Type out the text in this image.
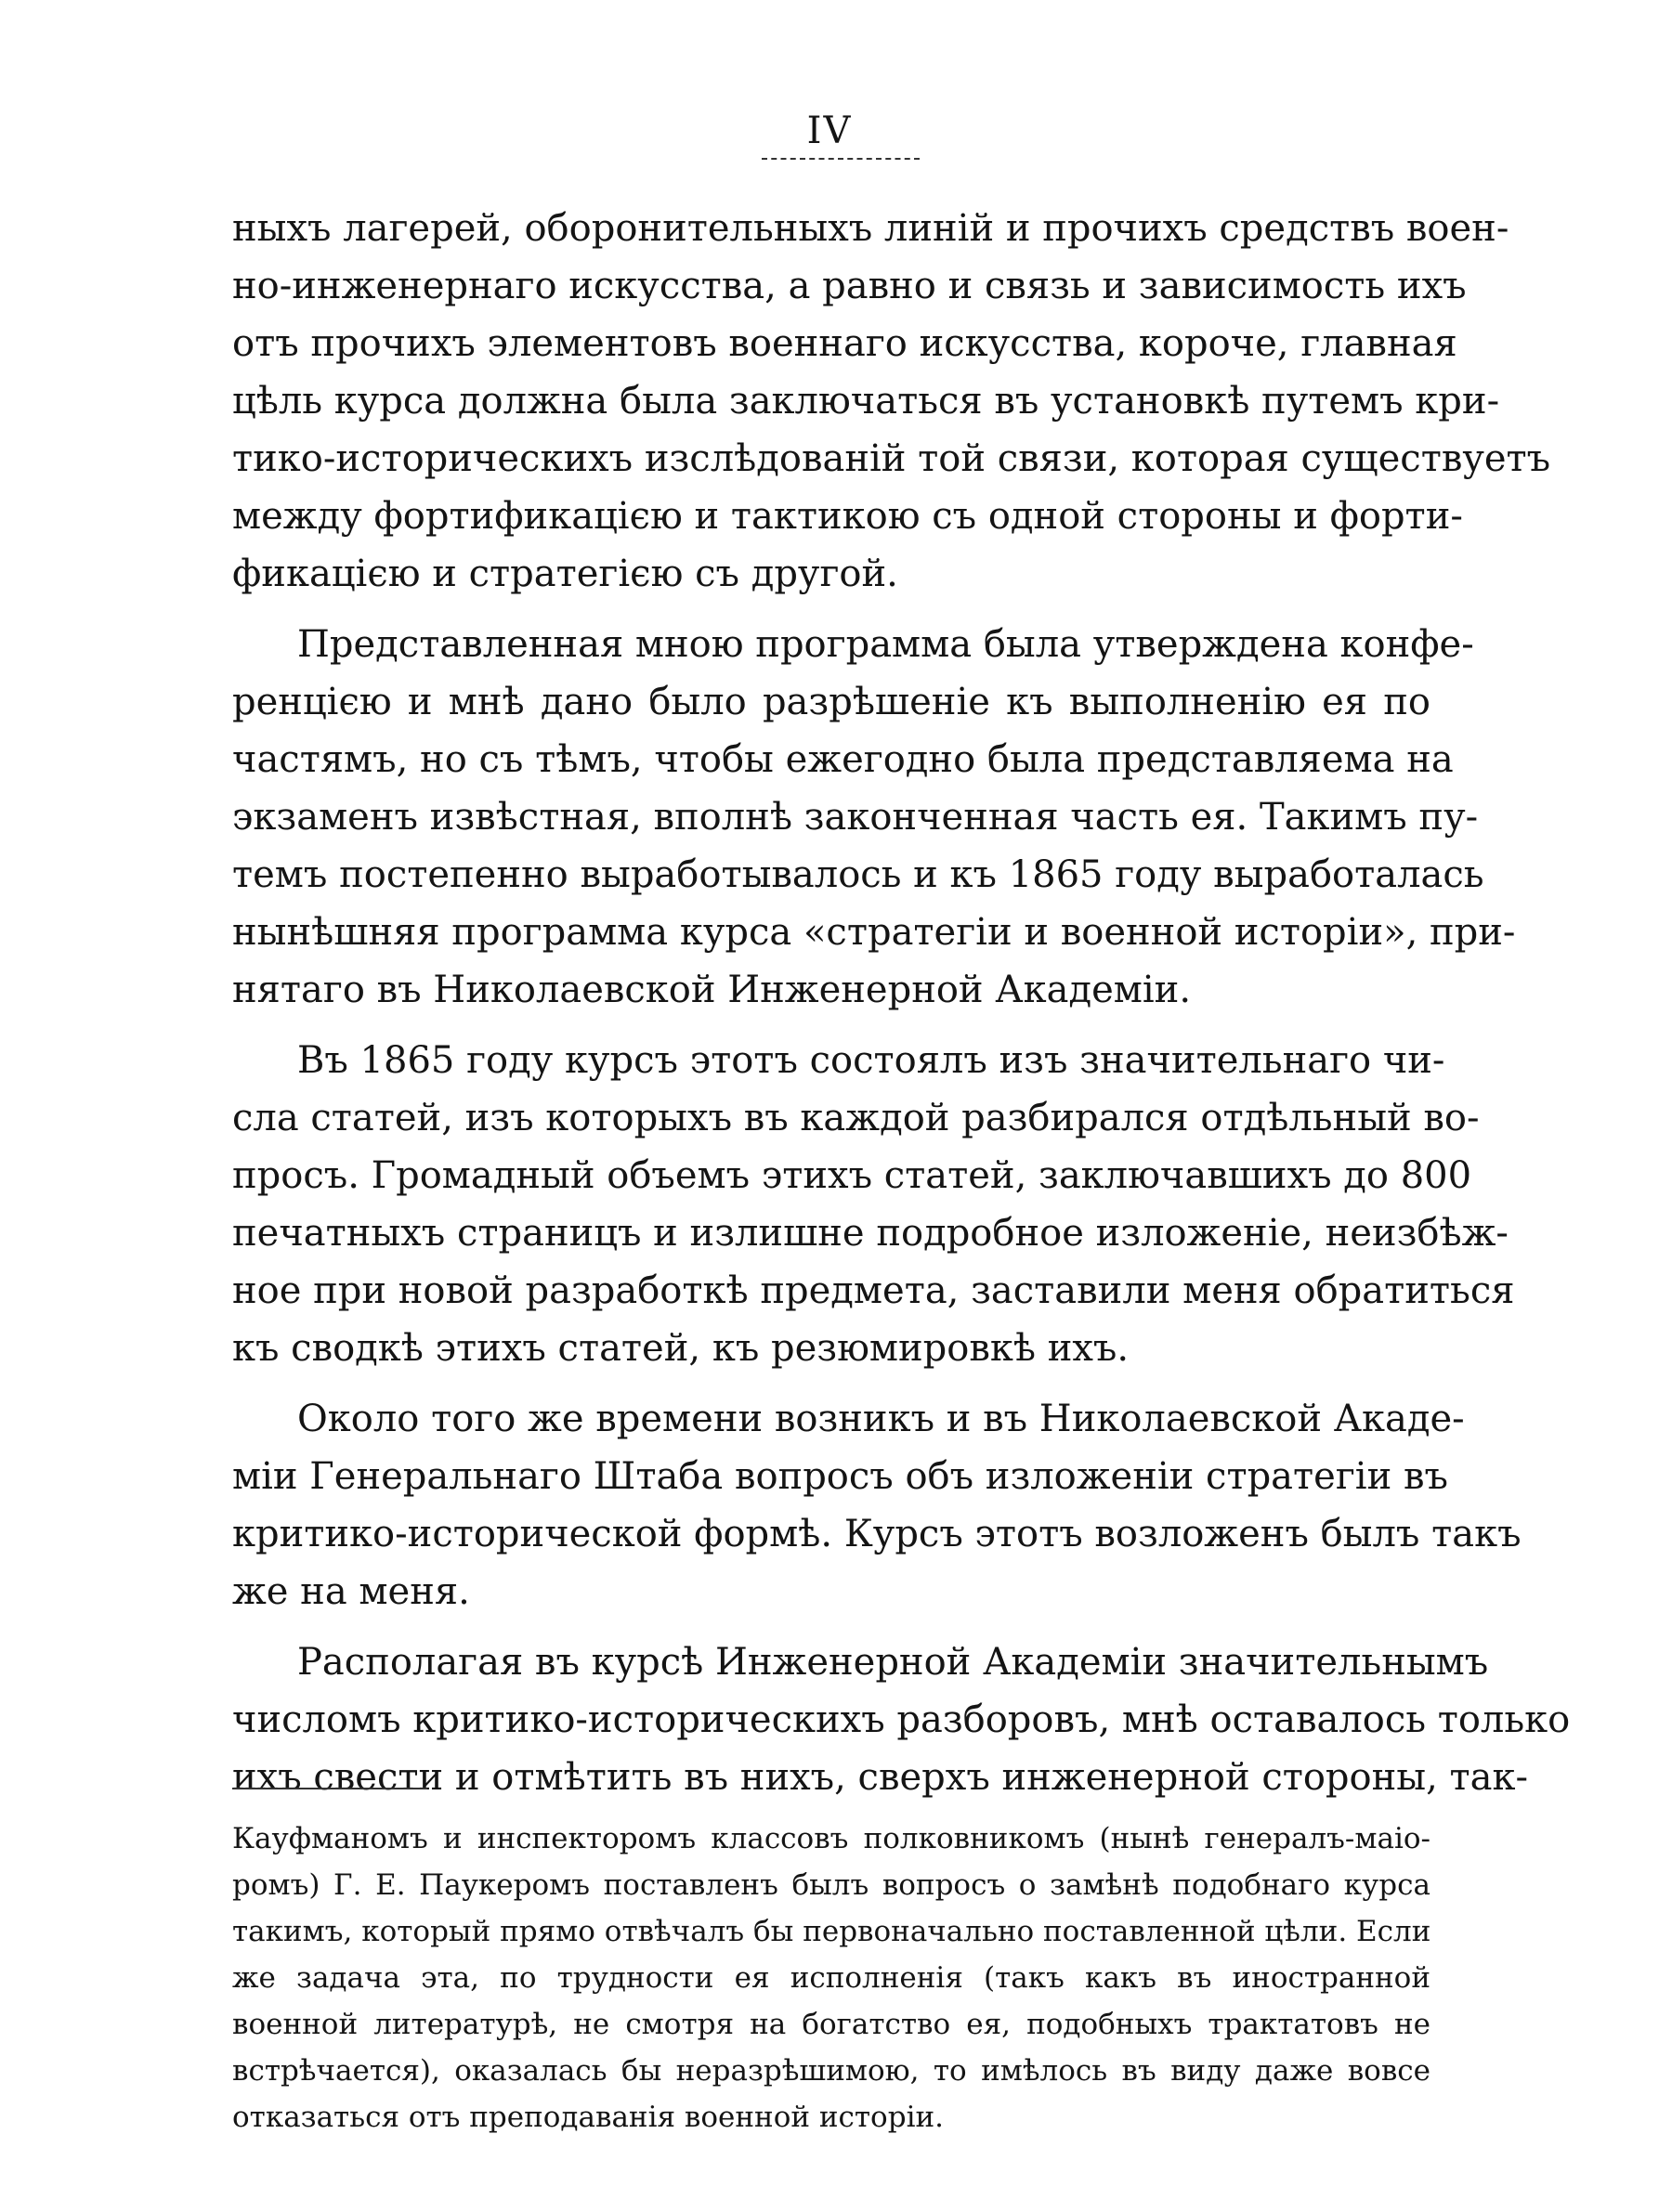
IV
ныхъ лагерей, оборонительныхъ линій и прочихъ средствъ воен-
но-инженернаго искусства, а равно и связь и зависимость ихъ
отъ прочихъ элементовъ военнаго искусства, короче, главная
цѣль курса должна была заключаться въ установкѣ путемъ кри-
тико-историческихъ изслѣдованій той связи, которая существуетъ
между фортификацією и тактикою съ одной стороны и форти-
фикацією и стратегією съ другой.
Представленная мною программа была утверждена конфе-
ренцією и мнѣ дано было разрѣшеніе къ выполненію ея по
частямъ, но съ тѣмъ, чтобы ежегодно была представляема на
экзаменъ извѣстная, вполнѣ законченная часть ея. Такимъ пу-
темъ постепенно выработывалось и къ 1865 году выработалась
нынѣшняя программа курса «стратегіи и военной исторіи», при-
нятаго въ Николаевской Инженерной Академіи.
Въ 1865 году курсъ этотъ состоялъ изъ значительнаго чи-
сла статей, изъ которыхъ въ каждой разбирался отдѣльный во-
просъ. Громадный объемъ этихъ статей, заключавшихъ до 800
печатныхъ страницъ и излишне подробное изложеніе, неизбѣж-
ное при новой разработкѣ предмета, заставили меня обратиться
къ сводкѣ этихъ статей, къ резюмировкѣ ихъ.
Около того же времени возникъ и въ Николаевской Акаде-
міи Генеральнаго Штаба вопросъ объ изложеніи стратегіи въ
критико-исторической формѣ. Курсъ этотъ возложенъ былъ такъ
же на меня.
Располагая въ курсѣ Инженерной Академіи значительнымъ
числомъ критико-историческихъ разборовъ, мнѣ оставалось только
ихъ свести и отмѣтить въ нихъ, сверхъ инженерной стороны, так-
Кауфманомъ и инспекторомъ классовъ полковникомъ (нынѣ генералъ-маіо-
ромъ) Г. Е. Паукеромъ поставленъ былъ вопросъ о замѣнѣ подобнаго курса
такимъ, который прямо отвѣчалъ бы первоначально поставленной цѣли. Если
же задача эта, по трудности ея исполненія (такъ какъ въ иностранной
военной литературѣ, не смотря на богатство ея, подобныхъ трактатовъ не
встрѣчается), оказалась бы неразрѣшимою, то имѣлось въ виду даже вовсе
отказаться отъ преподаванія военной исторіи.
